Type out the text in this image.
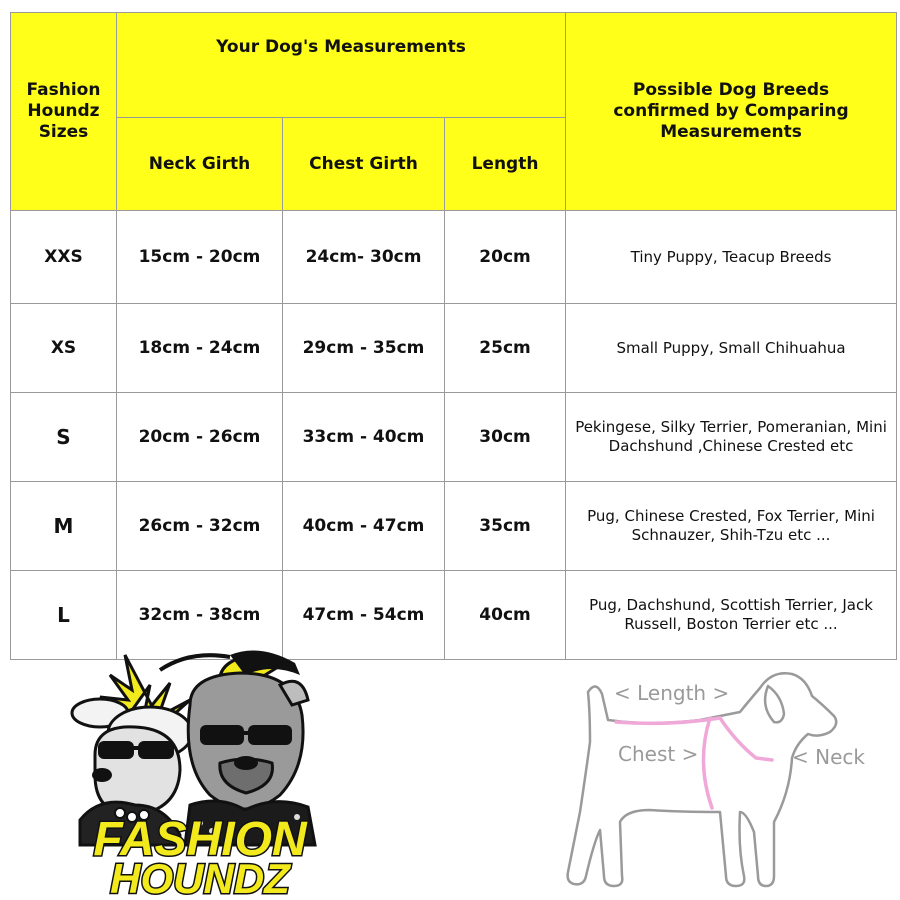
Fashion Houndz Sizes	Your Dog's Measurements			Possible Dog Breeds confirmed by Comparing Measurements
	Neck Girth	Chest Girth	Length	
XXS	15cm - 20cm	24cm- 30cm	20cm	Tiny Puppy, Teacup Breeds
XS	18cm - 24cm	29cm - 35cm	25cm	Small Puppy, Small Chihuahua
S	20cm - 26cm	33cm - 40cm	30cm	Pekingese, Silky Terrier, Pomeranian, Mini Dachshund ,Chinese Crested etc
M	26cm - 32cm	40cm - 47cm	35cm	Pug, Chinese Crested, Fox Terrier, Mini Schnauzer, Shih-Tzu etc ...
L	32cm - 38cm	47cm - 54cm	40cm	Pug, Dachshund, Scottish Terrier, Jack Russell, Boston Terrier etc ...
FASHION
HOUNDZ
< Length >
Chest >	< Neck
